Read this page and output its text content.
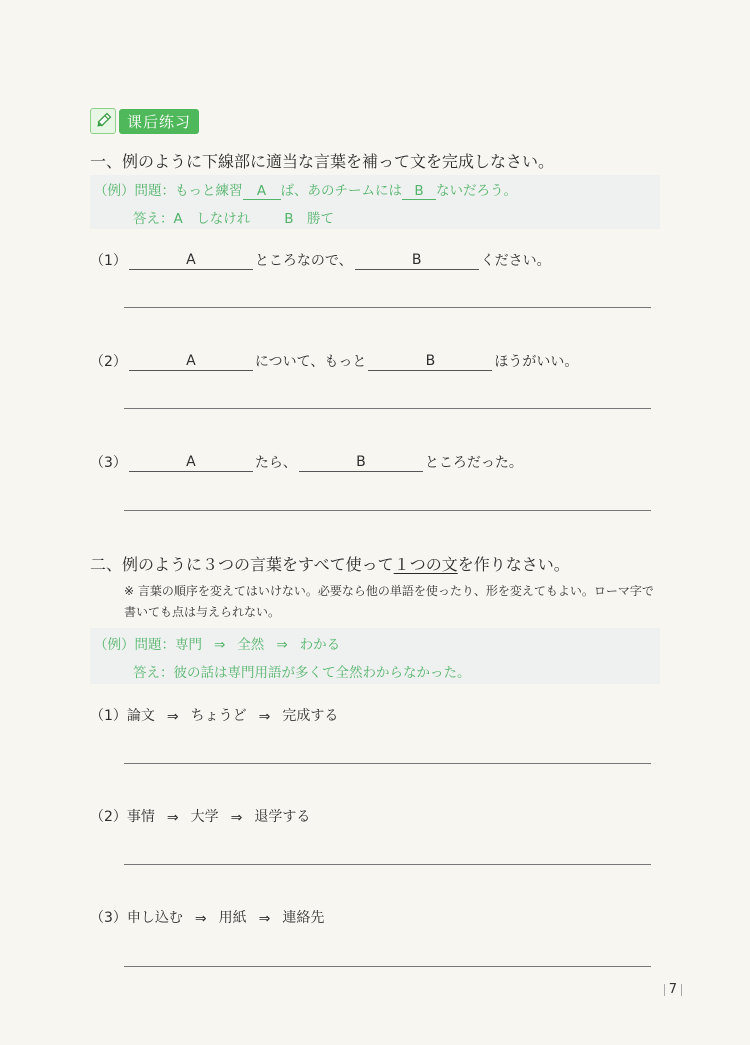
课后练习
一、例のように下線部に適当な言葉を補って文を完成しなさい。
（例）問題：もっと練習 A ば、あのチームには B ないだろう。
答え：A　しなけれ	B　勝て
（1）	A	ところなので、	B	ください。
（2）	A	について、もっと	B	ほうがいい。
（3）	A	たら、	B	ところだった。
二、例のように３つの言葉をすべて使って１つの文を作りなさい。
※ 言葉の順序を変えてはいけない。必要なら他の単語を使ったり、形を変えてもよい。ローマ字で書いても点は与えられない。
（例）問題：専門 ⇒ 全然 ⇒ わかる
答え：彼の話は専門用語が多くて全然わからなかった。
（1） 論文 ⇒ ちょうど ⇒ 完成する
（2） 事情 ⇒ 大学 ⇒ 退学する
（3） 申し込む ⇒ 用紙 ⇒ 連絡先
7
